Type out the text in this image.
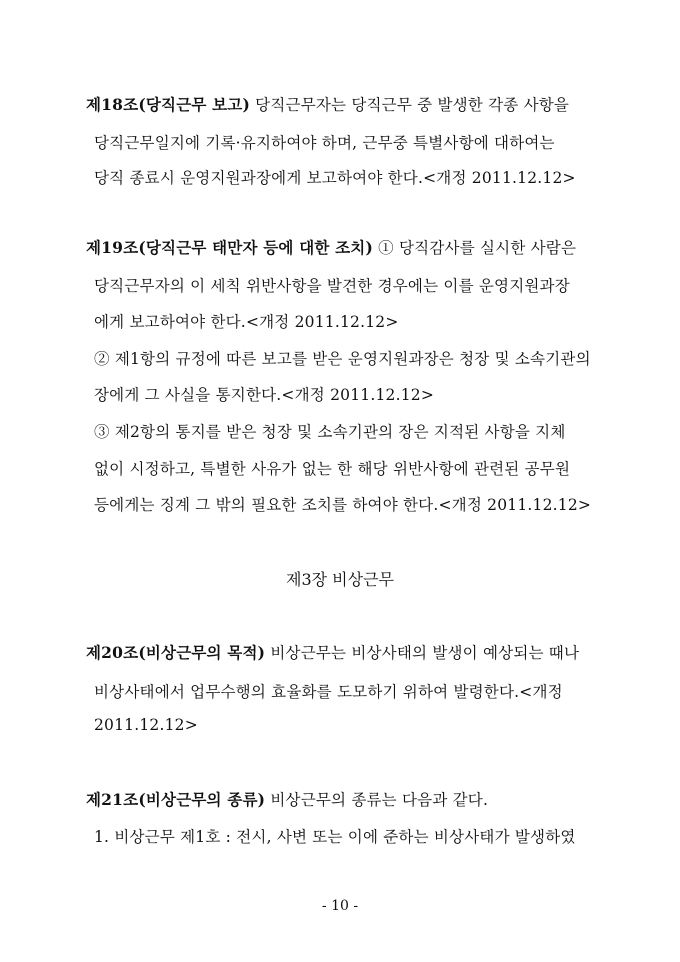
제18조(당직근무 보고) 당직근무자는 당직근무 중 발생한 각종 사항을
당직근무일지에 기록·유지하여야 하며, 근무중 특별사항에 대하여는
당직 종료시 운영지원과장에게 보고하여야 한다.<개정 2011.12.12>
제19조(당직근무 태만자 등에 대한 조치) ① 당직감사를 실시한 사람은
당직근무자의 이 세칙 위반사항을 발견한 경우에는 이를 운영지원과장
에게 보고하여야 한다.<개정 2011.12.12>
② 제1항의 규정에 따른 보고를 받은 운영지원과장은 청장 및 소속기관의
장에게 그 사실을 통지한다.<개정 2011.12.12>
③ 제2항의 통지를 받은 청장 및 소속기관의 장은 지적된 사항을 지체
없이 시정하고, 특별한 사유가 없는 한 해당 위반사항에 관련된 공무원
등에게는 징계 그 밖의 필요한 조치를 하여야 한다.<개정 2011.12.12>
제3장 비상근무
제20조(비상근무의 목적) 비상근무는 비상사태의 발생이 예상되는 때나
비상사태에서 업무수행의 효율화를 도모하기 위하여 발령한다.<개정
2011.12.12>
제21조(비상근무의 종류) 비상근무의 종류는 다음과 같다.
1. 비상근무 제1호 : 전시, 사변 또는 이에 준하는 비상사태가 발생하였
- 10 -
